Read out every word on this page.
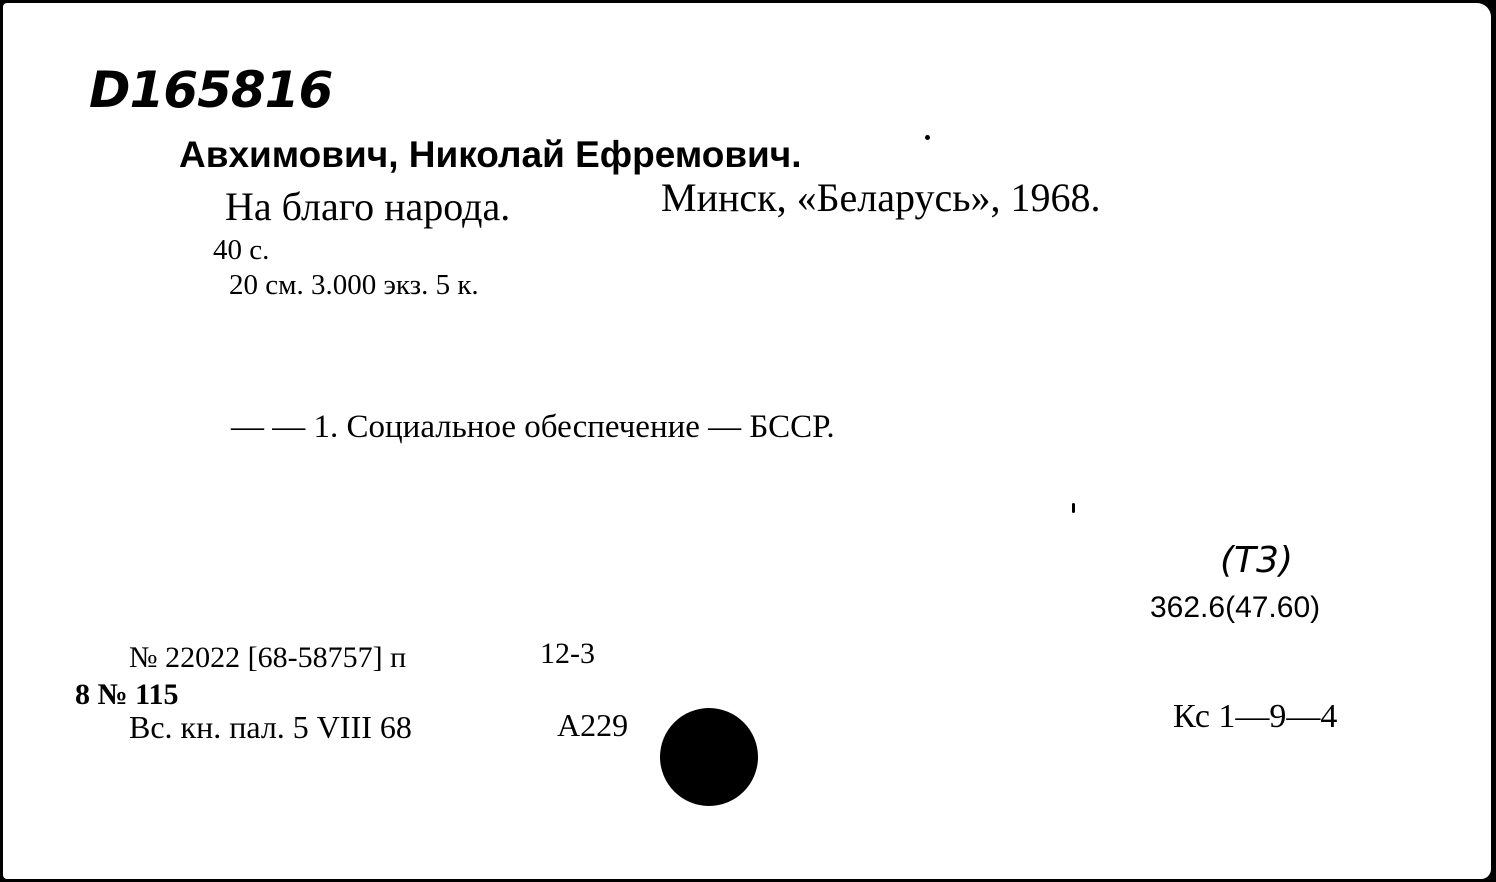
D165816
Авхимович, Николай Ефремович.
На благо народа.	Минск, «Беларусь», 1968.
40 с.
20 см. 3.000 экз. 5 к.
— — 1. Социальное обеспечение — БССР.
(Т3)
362.6(47.60)
№ 22022 [68-58757] п	12-3
8 № 115
Вс. кн. пал. 5 VIII 68	А229	Кс 1—9—4
